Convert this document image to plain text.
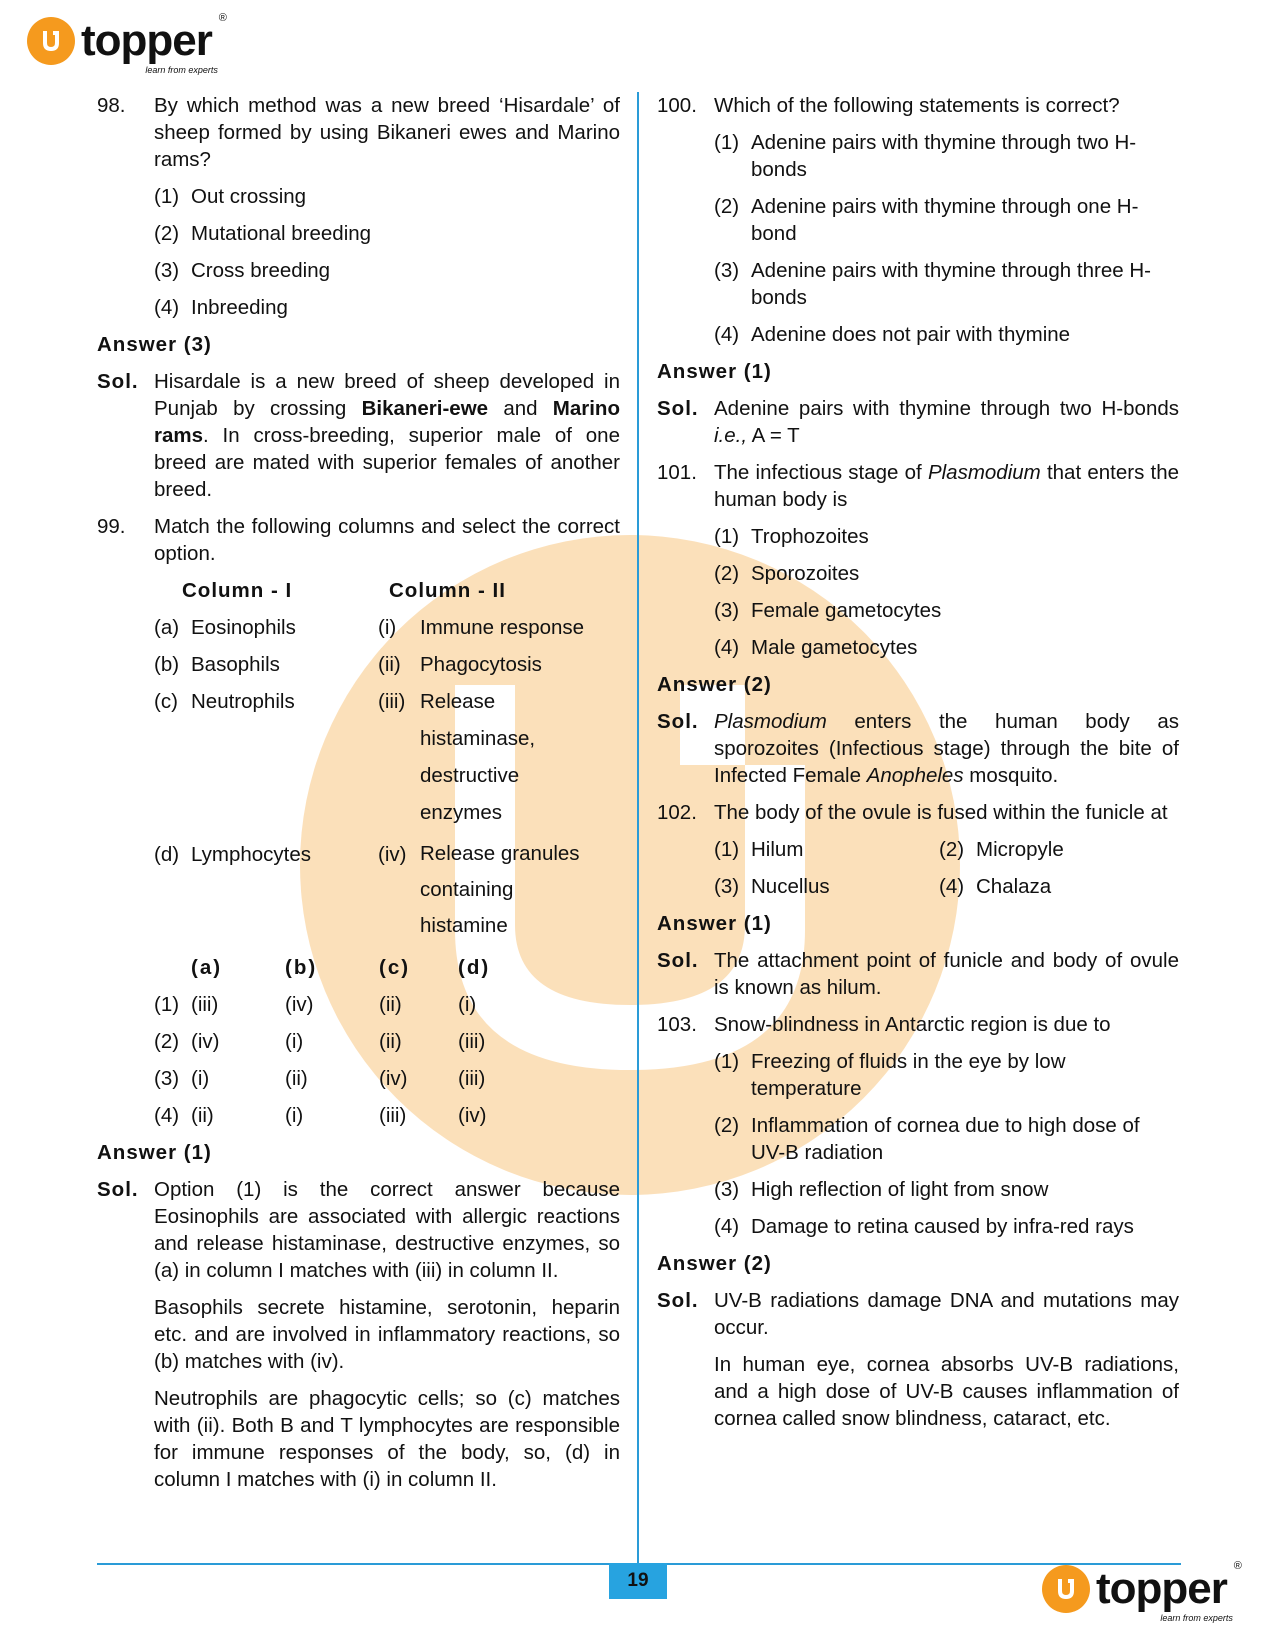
topper ®
learn from experts
98.	By which method was a new breed ‘Hisardale’ of sheep formed by using Bikaneri ewes and Marino rams?
(1) Out crossing
(2) Mutational breeding
(3) Cross breeding
(4) Inbreeding
Answer (3)
Sol. Hisardale is a new breed of sheep developed in Punjab by crossing Bikaneri-ewe and Marino rams. In cross-breeding, superior male of one breed are mated with superior females of another breed.
99.	Match the following columns and select the correct option.
Column - I	Column - II
(a) Eosinophils	(i)	Immune response
(b) Basophils	(ii) Phagocytosis
(c) Neutrophils	(iii) Release histaminase, destructive enzymes
(d) Lymphocytes	(iv) Release granules containing histamine
(a)	(b)	(c)	(d)
(1) (iii)	(iv)	(ii)	(i)
(2) (iv)	(i)	(ii)	(iii)
(3) (i)	(ii)	(iv)	(iii)
(4) (ii)	(i)	(iii)	(iv)
Answer (1)
Sol. Option (1) is the correct answer because Eosinophils are associated with allergic reactions and release histaminase, destructive enzymes, so (a) in column I matches with (iii) in column II.
Basophils secrete histamine, serotonin, heparin etc. and are involved in inflammatory reactions, so (b) matches with (iv).
Neutrophils are phagocytic cells; so (c) matches with (ii). Both B and T lymphocytes are responsible for immune responses of the body, so, (d) in column I matches with (i) in column II.
100. Which of the following statements is correct?
(1) Adenine pairs with thymine through two H-bonds
(2) Adenine pairs with thymine through one H-bond
(3) Adenine pairs with thymine through three H-bonds
(4) Adenine does not pair with thymine
Answer (1)
Sol. Adenine pairs with thymine through two H-bonds i.e., A = T
101. The infectious stage of Plasmodium that enters the human body is
(1) Trophozoites
(2) Sporozoites
(3) Female gametocytes
(4) Male gametocytes
Answer (2)
Sol. Plasmodium enters the human body as sporozoites (Infectious stage) through the bite of Infected Female Anopheles mosquito.
102. The body of the ovule is fused within the funicle at
(1) Hilum	(2) Micropyle
(3) Nucellus	(4) Chalaza
Answer (1)
Sol. The attachment point of funicle and body of ovule is known as hilum.
103. Snow-blindness in Antarctic region is due to
(1) Freezing of fluids in the eye by low temperature
(2) Inflammation of cornea due to high dose of UV-B radiation
(3) High reflection of light from snow
(4) Damage to retina caused by infra-red rays
Answer (2)
Sol. UV-B radiations damage DNA and mutations may occur.
In human eye, cornea absorbs UV-B radiations, and a high dose of UV-B causes inflammation of cornea called snow blindness, cataract, etc.
19	topper ®
learn from experts
